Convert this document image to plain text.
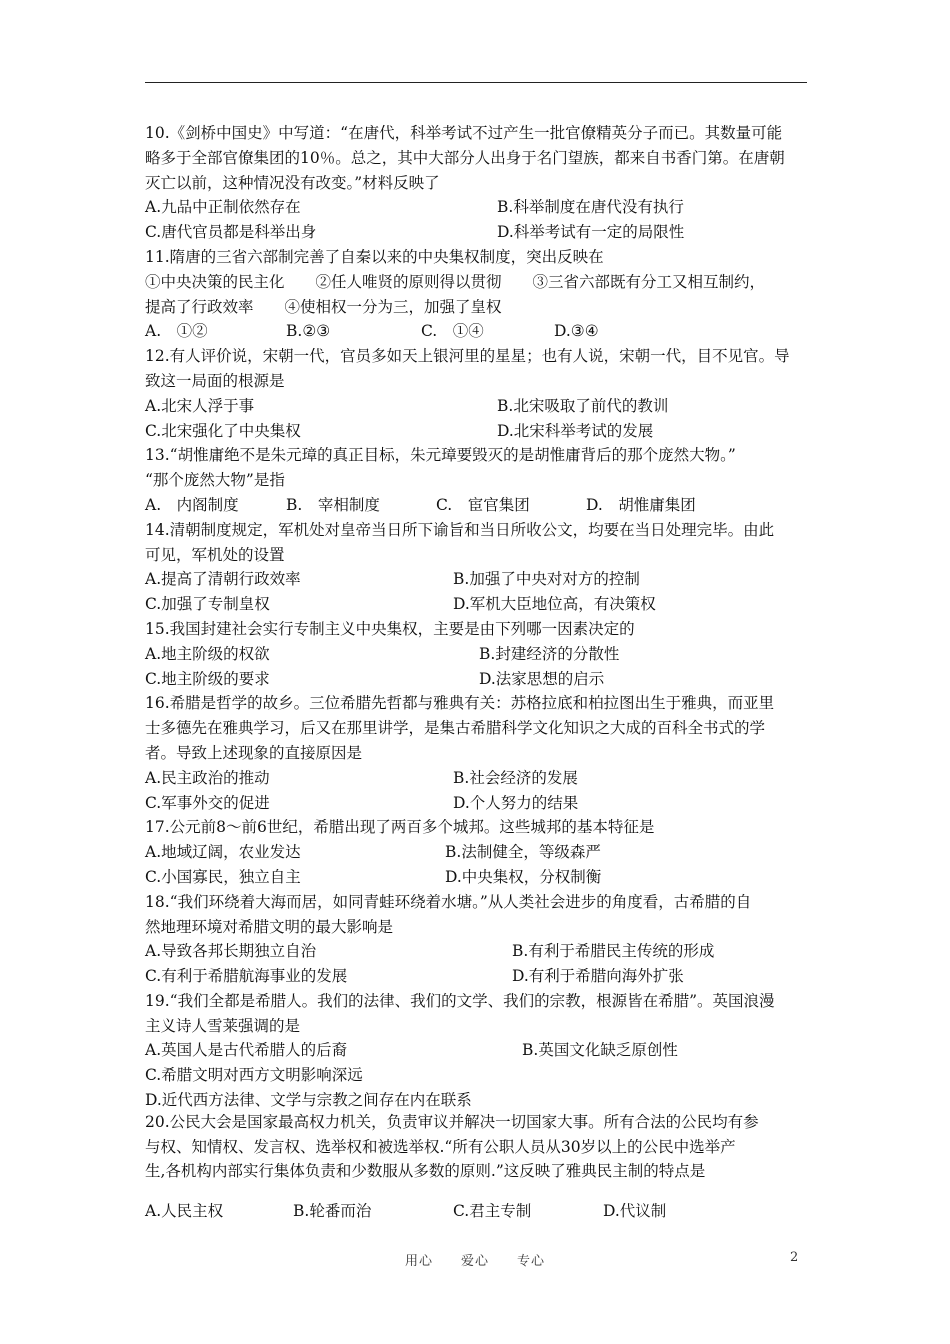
10.《剑桥中国史》中写道：“在唐代，科举考试不过产生一批官僚精英分子而已。其数量可能
略多于全部官僚集团的10％。总之，其中大部分人出身于名门望族，都来自书香门第。在唐朝
灭亡以前，这种情况没有改变。”材料反映了
A.九品中正制依然存在	B.科举制度在唐代没有执行
C.唐代官员都是科举出身	D.科举考试有一定的局限性
11.隋唐的三省六部制完善了自秦以来的中央集权制度，突出反映在
①中央决策的民主化　　②任人唯贤的原则得以贯彻　　③三省六部既有分工又相互制约，
提高了行政效率　　④使相权一分为三，加强了皇权
A.　①②	B.②③	C.　①④	D.③④
12.有人评价说，宋朝一代，官员多如天上银河里的星星；也有人说，宋朝一代，目不见官。导
致这一局面的根源是
A.北宋人浮于事	B.北宋吸取了前代的教训
C.北宋强化了中央集权	D.北宋科举考试的发展
13.“胡惟庸绝不是朱元璋的真正目标，朱元璋要毁灭的是胡惟庸背后的那个庞然大物。”
“那个庞然大物”是指
A.　内阁制度	B.　宰相制度	C.　宦官集团	D.　胡惟庸集团
14.清朝制度规定，军机处对皇帝当日所下谕旨和当日所收公文，均要在当日处理完毕。由此
可见，军机处的设置
A.提高了清朝行政效率	B.加强了中央对对方的控制
C.加强了专制皇权	D.军机大臣地位高，有决策权
15.我国封建社会实行专制主义中央集权，主要是由下列哪一因素决定的
A.地主阶级的权欲	B.封建经济的分散性
C.地主阶级的要求	D.法家思想的启示
16.希腊是哲学的故乡。三位希腊先哲都与雅典有关：苏格拉底和柏拉图出生于雅典，而亚里
士多德先在雅典学习，后又在那里讲学，是集古希腊科学文化知识之大成的百科全书式的学
者。导致上述现象的直接原因是
A.民主政治的推动	B.社会经济的发展
C.军事外交的促进	D.个人努力的结果
17.公元前8～前6世纪，希腊出现了两百多个城邦。这些城邦的基本特征是
A.地域辽阔，农业发达	B.法制健全，等级森严
C.小国寡民，独立自主	D.中央集权，分权制衡
18.“我们环绕着大海而居，如同青蛙环绕着水塘。”从人类社会进步的角度看，古希腊的自
然地理环境对希腊文明的最大影响是
A.导致各邦长期独立自治	B.有利于希腊民主传统的形成
C.有利于希腊航海事业的发展	D.有利于希腊向海外扩张
19.“我们全都是希腊人。我们的法律、我们的文学、我们的宗教，根源皆在希腊”。英国浪漫
主义诗人雪莱强调的是
A.英国人是古代希腊人的后裔	B.英国文化缺乏原创性
C.希腊文明对西方文明影响深远
D.近代西方法律、文学与宗教之间存在内在联系
20.公民大会是国家最高权力机关，负责审议并解决一切国家大事。所有合法的公民均有参
与权、知情权、发言权、选举权和被选举权.“所有公职人员从30岁以上的公民中选举产
生,各机构内部实行集体负责和少数服从多数的原则.”这反映了雅典民主制的特点是
A.人民主权	B.轮番而治	C.君主专制	D.代议制
用心　　爱心　　专心	2
